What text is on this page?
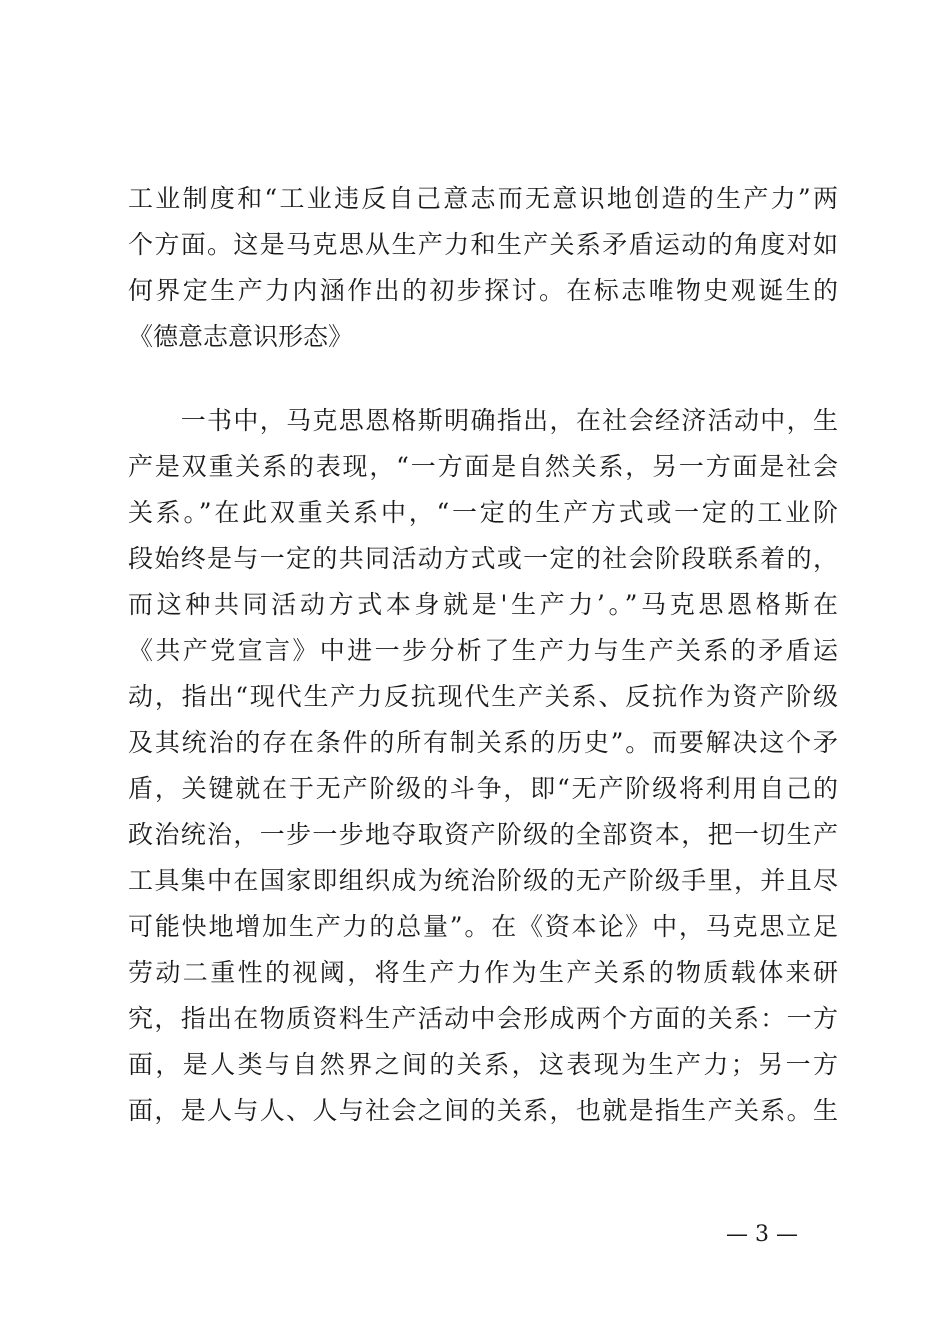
工业制度和“工业违反自己意志而无意识地创造的生产力”两
个方面。这是马克思从生产力和生产关系矛盾运动的角度对如
何界定生产力内涵作出的初步探讨。在标志唯物史观诞生的
《德意志意识形态》
　　一书中，马克思恩格斯明确指出，在社会经济活动中，生
产是双重关系的表现，“一方面是自然关系，另一方面是社会
关系。”在此双重关系中，“一定的生产方式或一定的工业阶
段始终是与一定的共同活动方式或一定的社会阶段联系着的，
而这种共同活动方式本身就是'生产力’。”马克思恩格斯在
《共产党宣言》中进一步分析了生产力与生产关系的矛盾运
动，指出“现代生产力反抗现代生产关系、反抗作为资产阶级
及其统治的存在条件的所有制关系的历史”。而要解决这个矛
盾，关键就在于无产阶级的斗争，即“无产阶级将利用自己的
政治统治，一步一步地夺取资产阶级的全部资本，把一切生产
工具集中在国家即组织成为统治阶级的无产阶级手里，并且尽
可能快地增加生产力的总量”。在《资本论》中，马克思立足
劳动二重性的视阈，将生产力作为生产关系的物质载体来研
究，指出在物质资料生产活动中会形成两个方面的关系：一方
面，是人类与自然界之间的关系，这表现为生产力；另一方
面，是人与人、人与社会之间的关系，也就是指生产关系。生
— 3 —
